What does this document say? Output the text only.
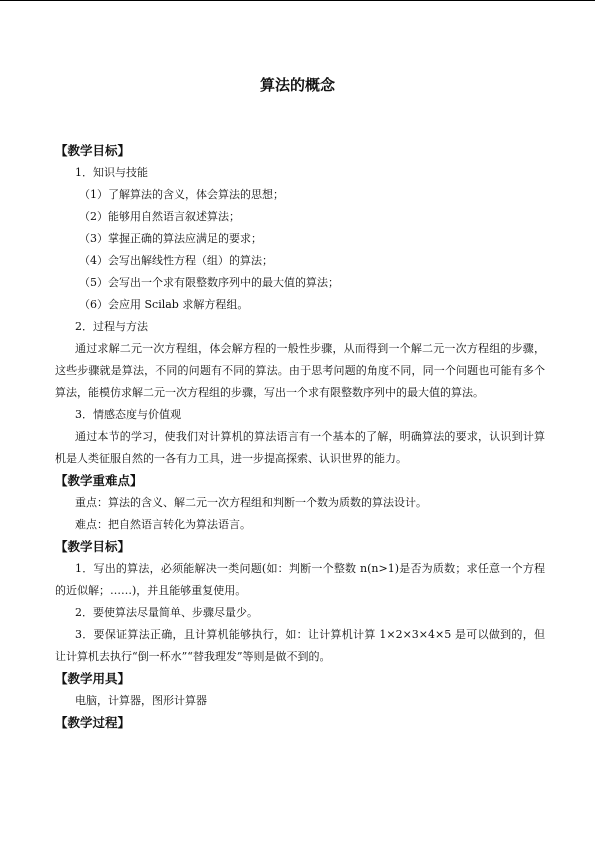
算法的概念
【教学目标】
1．知识与技能
（1）了解算法的含义，体会算法的思想；
（2）能够用自然语言叙述算法；
（3）掌握正确的算法应满足的要求；
（4）会写出解线性方程（组）的算法；
（5）会写出一个求有限整数序列中的最大值的算法；
（6）会应用 Scilab 求解方程组。
2．过程与方法
通过求解二元一次方程组，体会解方程的一般性步骤，从而得到一个解二元一次方程组的步骤，这些步骤就是算法，不同的问题有不同的算法。由于思考问题的角度不同，同一个问题也可能有多个算法，能模仿求解二元一次方程组的步骤，写出一个求有限整数序列中的最大值的算法。
3．情感态度与价值观
通过本节的学习，使我们对计算机的算法语言有一个基本的了解，明确算法的要求，认识到计算机是人类征服自然的一各有力工具，进一步提高探索、认识世界的能力。
【教学重难点】
重点：算法的含义、解二元一次方程组和判断一个数为质数的算法设计。
难点：把自然语言转化为算法语言。
【教学目标】
1．写出的算法，必须能解决一类问题(如：判断一个整数 n(n>1)是否为质数；求任意一个方程的近似解；……)，并且能够重复使用。
2．要使算法尽量简单、步骤尽量少。
3．要保证算法正确，且计算机能够执行，如：让计算机计算 1×2×3×4×5 是可以做到的，但让计算机去执行“倒一杯水”“替我理发”等则是做不到的。
【教学用具】
电脑，计算器，图形计算器
【教学过程】
